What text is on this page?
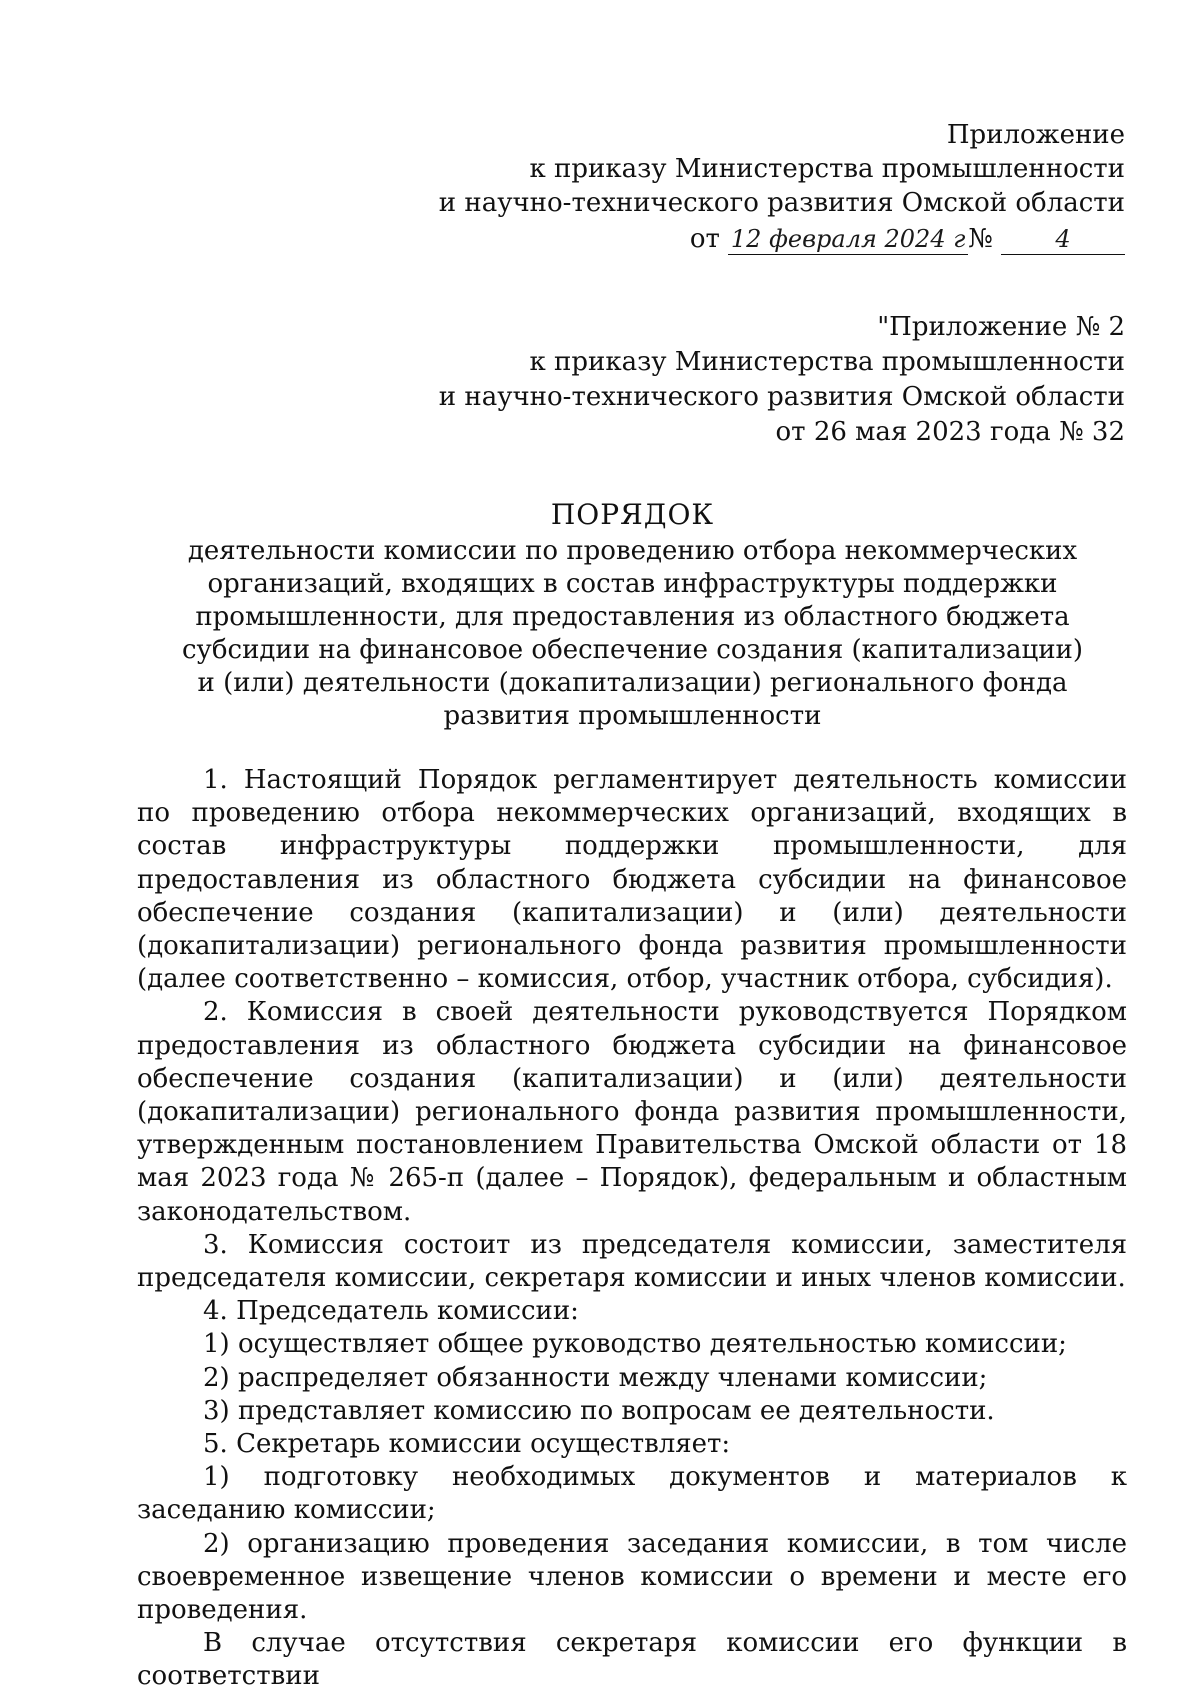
Приложение
к приказу Министерства промышленности
и научно-технического развития Омской области
от 12 февраля 2024 г №	4
"Приложение № 2
к приказу Министерства промышленности
и научно-технического развития Омской области
от 26 мая 2023 года № 32
ПОРЯДОК
деятельности комиссии по проведению отбора некоммерческих
организаций, входящих в состав инфраструктуры поддержки
промышленности, для предоставления из областного бюджета
субсидии на финансовое обеспечение создания (капитализации)
и (или) деятельности (докапитализации) регионального фонда
развития промышленности

1. Настоящий Порядок регламентирует деятельность комиссии по проведению отбора некоммерческих организаций, входящих в состав инфраструктуры поддержки промышленности, для предоставления из областного бюджета субсидии на финансовое обеспечение создания (капитализации) и (или) деятельности (докапитализации) регионального фонда развития промышленности (далее соответственно – комиссия, отбор, участник отбора, субсидия).

2. Комиссия в своей деятельности руководствуется Порядком предоставления из областного бюджета субсидии на финансовое обеспечение создания (капитализации) и (или) деятельности (докапитализации) регионального фонда развития промышленности, утвержденным постановлением Правительства Омской области от 18 мая 2023 года № 265-п (далее – Порядок), федеральным и областным законодательством.

3. Комиссия состоит из председателя комиссии, заместителя председателя комиссии, секретаря комиссии и иных членов комиссии.

4. Председатель комиссии:

1) осуществляет общее руководство деятельностью комиссии;

2) распределяет обязанности между членами комиссии;

3) представляет комиссию по вопросам ее деятельности.

5. Секретарь комиссии осуществляет:

1) подготовку необходимых документов и материалов к заседанию комиссии;

2) организацию проведения заседания комиссии, в том числе своевременное извещение членов комиссии о времени и месте его проведения.

В случае отсутствия секретаря комиссии его функции в соответствии
